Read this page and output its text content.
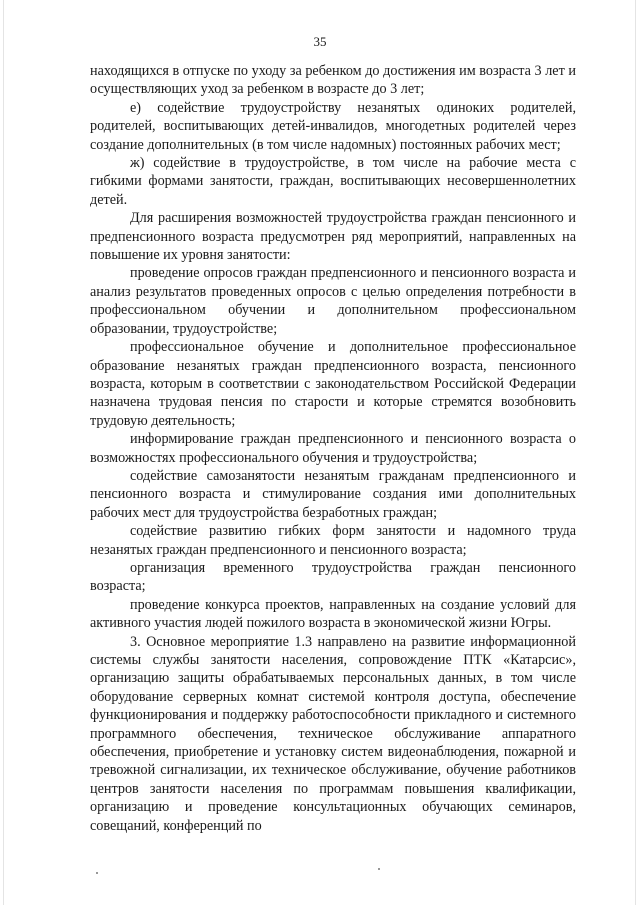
35

находящихся в отпуске по уходу за ребенком до достижения им возраста 3 лет и осуществляющих уход за ребенком в возрасте до 3 лет;

е) содействие трудоустройству незанятых одиноких родителей, родителей, воспитывающих детей-инвалидов, многодетных родителей через создание дополнительных (в том числе надомных) постоянных рабочих мест;

ж) содействие в трудоустройстве, в том числе на рабочие места с гибкими формами занятости, граждан, воспитывающих несовершеннолетних детей.

Для расширения возможностей трудоустройства граждан пенсионного и предпенсионного возраста предусмотрен ряд мероприятий, направленных на повышение их уровня занятости:

проведение опросов граждан предпенсионного и пенсионного возраста и анализ результатов проведенных опросов с целью определения потребности в профессиональном обучении и дополнительном профессиональном образовании, трудоустройстве;

профессиональное обучение и дополнительное профессиональное образование незанятых граждан предпенсионного возраста, пенсионного возраста, которым в соответствии с законодательством Российской Федерации назначена трудовая пенсия по старости и которые стремятся возобновить трудовую деятельность;

информирование граждан предпенсионного и пенсионного возраста о возможностях профессионального обучения и трудоустройства;

содействие самозанятости незанятым гражданам предпенсионного и пенсионного возраста и стимулирование создания ими дополнительных рабочих мест для трудоустройства безработных граждан;

содействие развитию гибких форм занятости и надомного труда незанятых граждан предпенсионного и пенсионного возраста;

организация временного трудоустройства граждан пенсионного возраста;

проведение конкурса проектов, направленных на создание условий для активного участия людей пожилого возраста в экономической жизни Югры.

3. Основное мероприятие 1.3 направлено на развитие информационной системы службы занятости населения, сопровождение ПТК «Катарсис», организацию защиты обрабатываемых персональных данных, в том числе оборудование серверных комнат системой контроля доступа, обеспечение функционирования и поддержку работоспособности прикладного и системного программного обеспечения, техническое обслуживание аппаратного обеспечения, приобретение и установку систем видеонаблюдения, пожарной и тревожной сигнализации, их техническое обслуживание, обучение работников центров занятости населения по программам повышения квалификации, организацию и проведение консультационных обучающих семинаров, совещаний, конференций по
